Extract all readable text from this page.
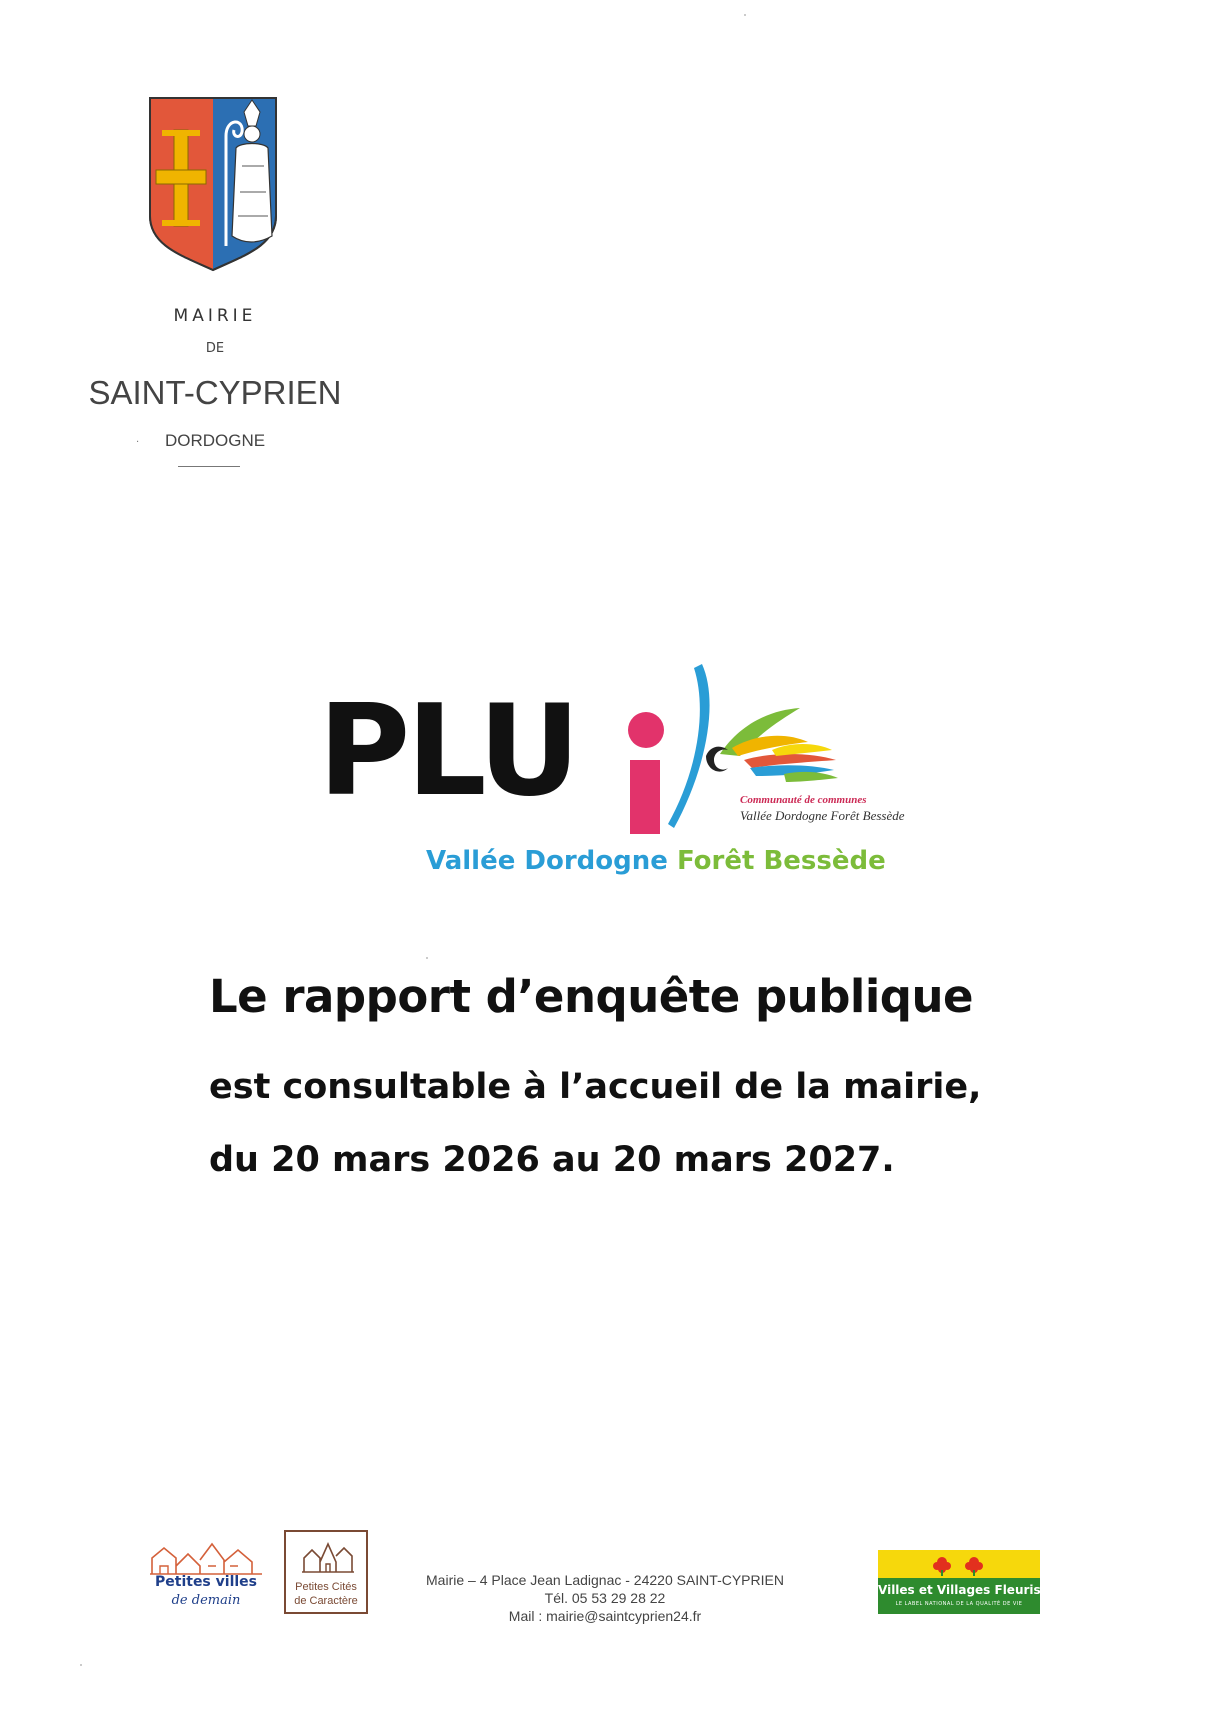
MAIRIE
DE
SAINT-CYPRIEN
·	DORDOGNE
PLU	Communauté de communes
Vallée Dordogne Forêt Bessède
Vallée Dordogne Forêt Bessède
Le rapport d’enquête publique
est consultable à l’accueil de la mairie,
du 20 mars 2026 au 20 mars 2027.
Petites villes
de demain
Petites Cités
de Caractère
Mairie – 4 Place Jean Ladignac - 24220 SAINT-CYPRIEN
Tél. 05 53 29 28 22
Mail : mairie@saintcyprien24.fr
Villes et Villages Fleuris
LE LABEL NATIONAL DE LA QUALITÉ DE VIE
